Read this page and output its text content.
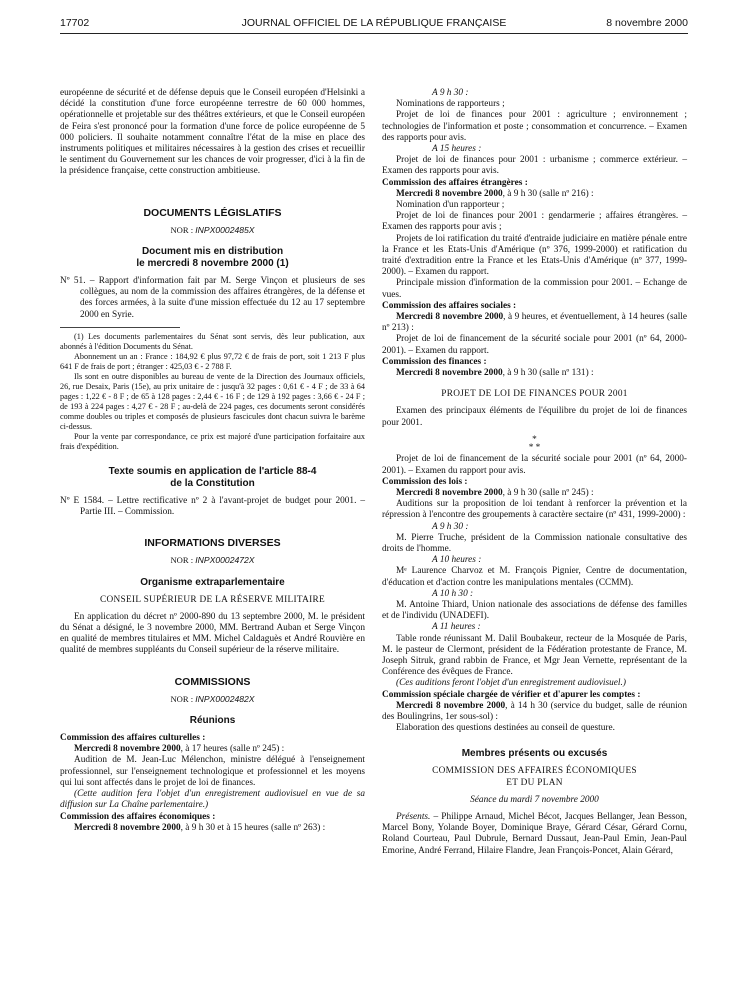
17702	JOURNAL OFFICIEL DE LA RÉPUBLIQUE FRANÇAISE	8 novembre 2000

européenne de sécurité et de défense depuis que le Conseil européen d'Helsinki a décidé la constitution d'une force européenne terrestre de 60 000 hommes, opérationnelle et projetable sur des théâtres extérieurs, et que le Conseil européen de Feira s'est prononcé pour la formation d'une force de police européenne de 5 000 policiers. Il souhaite notamment connaître l'état de la mise en place des instruments politiques et militaires nécessaires à la gestion des crises et recueillir le sentiment du Gouvernement sur les chances de voir progresser, d'ici à la fin de la présidence française, cette construction ambitieuse.

DOCUMENTS LÉGISLATIFS
NOR : INPX0002485X
Document mis en distribution
le mercredi 8 novembre 2000 (1)

Nº 51. – Rapport d'information fait par M. Serge Vinçon et plusieurs de ses collègues, au nom de la commission des affaires étrangères, de la défense et des forces armées, à la suite d'une mission effectuée du 12 au 17 septembre 2000 en Syrie.

(1) Les documents parlementaires du Sénat sont servis, dès leur publication, aux abonnés à l'édition Documents du Sénat.

Abonnement un an : France : 184,92 € plus 97,72 € de frais de port, soit 1 213 F plus 641 F de frais de port ; étranger : 425,03 € - 2 788 F.

Ils sont en outre disponibles au bureau de vente de la Direction des Journaux officiels, 26, rue Desaix, Paris (15e), au prix unitaire de : jusqu'à 32 pages : 0,61 € - 4 F ; de 33 à 64 pages : 1,22 € - 8 F ; de 65 à 128 pages : 2,44 € - 16 F ; de 129 à 192 pages : 3,66 € - 24 F ; de 193 à 224 pages : 4,27 € - 28 F ; au-delà de 224 pages, ces documents seront considérés comme doubles ou triples et composés de plusieurs fascicules dont chacun suivra le barème ci-dessus.

Pour la vente par correspondance, ce prix est majoré d'une participation forfaitaire aux frais d'expédition.

Texte soumis en application de l'article 88-4
de la Constitution

Nº E 1584. – Lettre rectificative nº 2 à l'avant-projet de budget pour 2001. – Partie III. – Commission.

INFORMATIONS DIVERSES
NOR : INPX0002472X
Organisme extraparlementaire
CONSEIL SUPÉRIEUR DE LA RÉSERVE MILITAIRE

En application du décret nº 2000-890 du 13 septembre 2000, M. le président du Sénat a désigné, le 3 novembre 2000, MM. Bertrand Auban et Serge Vinçon en qualité de membres titulaires et MM. Michel Caldaguès et André Rouvière en qualité de membres suppléants du Conseil supérieur de la réserve militaire.

COMMISSIONS
NOR : INPX0002482X
Réunions

Commission des affaires culturelles :

Mercredi 8 novembre 2000, à 17 heures (salle nº 245) :

Audition de M. Jean-Luc Mélenchon, ministre délégué à l'enseignement professionnel, sur l'enseignement technologique et professionnel et les moyens qui lui sont affectés dans le projet de loi de finances.

(Cette audition fera l'objet d'un enregistrement audiovisuel en vue de sa diffusion sur La Chaîne parlementaire.)

Commission des affaires économiques :

Mercredi 8 novembre 2000, à 9 h 30 et à 15 heures (salle nº 263) :

A 9 h 30 :

Nominations de rapporteurs ;

Projet de loi de finances pour 2001 : agriculture ; environnement ; technologies de l'information et poste ; consommation et concurrence. – Examen des rapports pour avis.

A 15 heures :

Projet de loi de finances pour 2001 : urbanisme ; commerce extérieur. – Examen des rapports pour avis.

Commission des affaires étrangères :

Mercredi 8 novembre 2000, à 9 h 30 (salle nº 216) :

Nomination d'un rapporteur ;

Projet de loi de finances pour 2001 : gendarmerie ; affaires étrangères. – Examen des rapports pour avis ;

Projets de loi ratification du traité d'entraide judiciaire en matière pénale entre la France et les Etats-Unis d'Amérique (nº 376, 1999-2000) et ratification du traité d'extradition entre la France et les Etats-Unis d'Amérique (nº 377, 1999-2000). – Examen du rapport.

Principale mission d'information de la commission pour 2001. – Echange de vues.

Commission des affaires sociales :

Mercredi 8 novembre 2000, à 9 heures, et éventuellement, à 14 heures (salle nº 213) :

Projet de loi de financement de la sécurité sociale pour 2001 (nº 64, 2000-2001). – Examen du rapport.

Commission des finances :

Mercredi 8 novembre 2000, à 9 h 30 (salle nº 131) :

PROJET DE LOI DE FINANCES POUR 2001

Examen des principaux éléments de l'équilibre du projet de loi de finances pour 2001.

*
* *

Projet de loi de financement de la sécurité sociale pour 2001 (nº 64, 2000-2001). – Examen du rapport pour avis.

Commission des lois :

Mercredi 8 novembre 2000, à 9 h 30 (salle nº 245) :

Auditions sur la proposition de loi tendant à renforcer la prévention et la répression à l'encontre des groupements à caractère sectaire (nº 431, 1999-2000) :

A 9 h 30 :

M. Pierre Truche, président de la Commission nationale consultative des droits de l'homme.

A 10 heures :

Mᵉ Laurence Charvoz et M. François Pignier, Centre de documentation, d'éducation et d'action contre les manipulations mentales (CCMM).

A 10 h 30 :

M. Antoine Thiard, Union nationale des associations de défense des familles et de l'individu (UNADEFI).

A 11 heures :

Table ronde réunissant M. Dalil Boubakeur, recteur de la Mosquée de Paris, M. le pasteur de Clermont, président de la Fédération protestante de France, M. Joseph Sitruk, grand rabbin de France, et Mgr Jean Vernette, représentant de la Conférence des évêques de France.

(Ces auditions feront l'objet d'un enregistrement audiovisuel.)

Commission spéciale chargée de vérifier et d'apurer les comptes :

Mercredi 8 novembre 2000, à 14 h 30 (service du budget, salle de réunion des Boulingrins, 1er sous-sol) :

Elaboration des questions destinées au conseil de questure.

Membres présents ou excusés
COMMISSION DES AFFAIRES ÉCONOMIQUES
ET DU PLAN
Séance du mardi 7 novembre 2000

Présents. – Philippe Arnaud, Michel Bécot, Jacques Bellanger, Jean Besson, Marcel Bony, Yolande Boyer, Dominique Braye, Gérard César, Gérard Cornu, Roland Courteau, Paul Dubrule, Bernard Dussaut, Jean-Paul Emin, Jean-Paul Emorine, André Ferrand, Hilaire Flandre, Jean François-Poncet, Alain Gérard,
